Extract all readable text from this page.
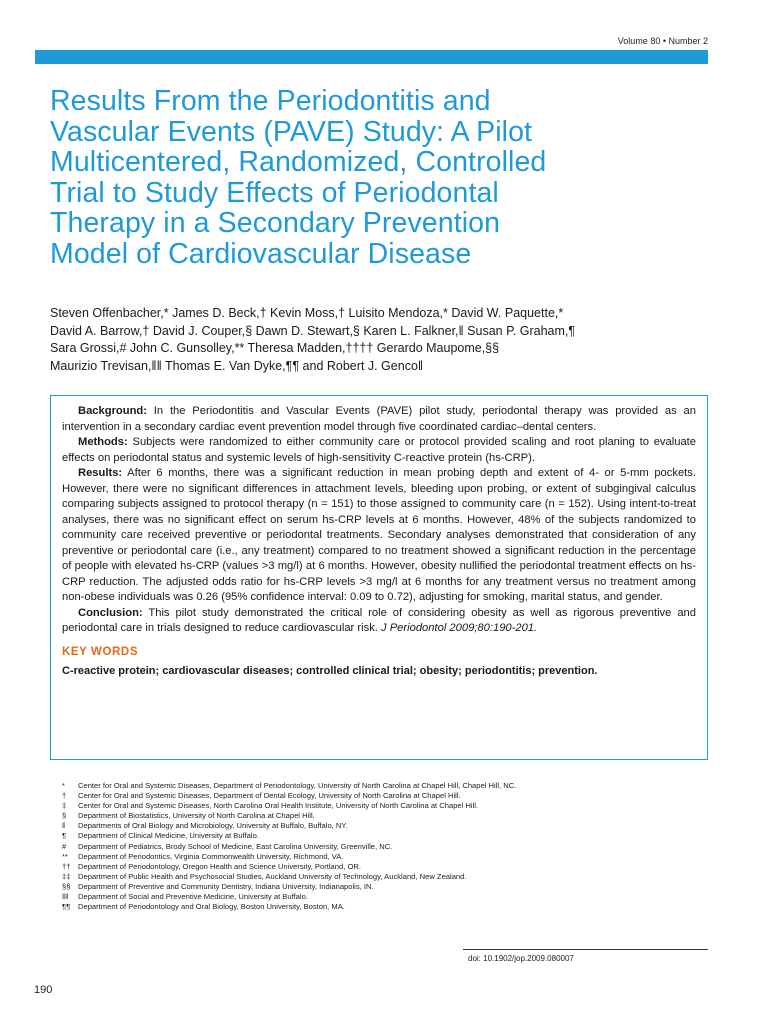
Volume 80 • Number 2
Results From the Periodontitis and
Vascular Events (PAVE) Study: A Pilot
Multicentered, Randomized, Controlled
Trial to Study Effects of Periodontal
Therapy in a Secondary Prevention
Model of Cardiovascular Disease
Steven Offenbacher,* James D. Beck,† Kevin Moss,† Luisito Mendoza,* David W. Paquette,*
David A. Barrow,† David J. Couper,§ Dawn D. Stewart,§ Karen L. Falkner,‖ Susan P. Graham,¶
Sara Grossi,# John C. Gunsolley,** Theresa Madden,†††† Gerardo Maupome,§§
Maurizio Trevisan,‖‖ Thomas E. Van Dyke,¶¶ and Robert J. Genco‖

Background: In the Periodontitis and Vascular Events (PAVE) pilot study, periodontal therapy was provided as an intervention in a secondary cardiac event prevention model through five coordinated cardiac–dental centers.

Methods: Subjects were randomized to either community care or protocol provided scaling and root planing to evaluate effects on periodontal status and systemic levels of high-sensitivity C-reactive protein (hs-CRP).

Results: After 6 months, there was a significant reduction in mean probing depth and extent of 4- or 5-mm pockets. However, there were no significant differences in attachment levels, bleeding upon probing, or extent of subgingival calculus comparing subjects assigned to protocol therapy (n = 151) to those assigned to community care (n = 152). Using intent-to-treat analyses, there was no significant effect on serum hs-CRP levels at 6 months. However, 48% of the subjects randomized to community care received preventive or periodontal treatments. Secondary analyses demonstrated that consideration of any preventive or periodontal care (i.e., any treatment) compared to no treatment showed a significant reduction in the percentage of people with elevated hs-CRP (values >3 mg/l) at 6 months. However, obesity nullified the periodontal treatment effects on hs-CRP reduction. The adjusted odds ratio for hs-CRP levels >3 mg/l at 6 months for any treatment versus no treatment among non-obese individuals was 0.26 (95% confidence interval: 0.09 to 0.72), adjusting for smoking, marital status, and gender.

Conclusion: This pilot study demonstrated the critical role of considering obesity as well as rigorous preventive and periodontal care in trials designed to reduce cardiovascular risk. J Periodontol 2009;80:190-201.

KEY WORDS
C-reactive protein; cardiovascular diseases; controlled clinical trial; obesity; periodontitis; prevention.
*	Center for Oral and Systemic Diseases, Department of Periodontology, University of North Carolina at Chapel Hill, Chapel Hill, NC.
†	Center for Oral and Systemic Diseases, Department of Dental Ecology, University of North Carolina at Chapel Hill.
‡	Center for Oral and Systemic Diseases, North Carolina Oral Health Institute, University of North Carolina at Chapel Hill.
§	Department of Biostatistics, University of North Carolina at Chapel Hill.
‖	Departments of Oral Biology and Microbiology, University at Buffalo, Buffalo, NY.
¶	Department of Clinical Medicine, University at Buffalo.
#	Department of Pediatrics, Brody School of Medicine, East Carolina University, Greenville, NC.
**	Department of Periodontics, Virginia Commonwealth University, Richmond, VA.
†† Department of Periodontology, Oregon Health and Science University, Portland, OR.
‡‡ Department of Public Health and Psychosocial Studies, Auckland University of Technology, Auckland, New Zealand.
§§ Department of Preventive and Community Dentistry, Indiana University, Indianapolis, IN.
‖‖	Department of Social and Preventive Medicine, University at Buffalo.
¶¶	Department of Periodontology and Oral Biology, Boston University, Boston, MA.
doi: 10.1902/jop.2009.080007
190
